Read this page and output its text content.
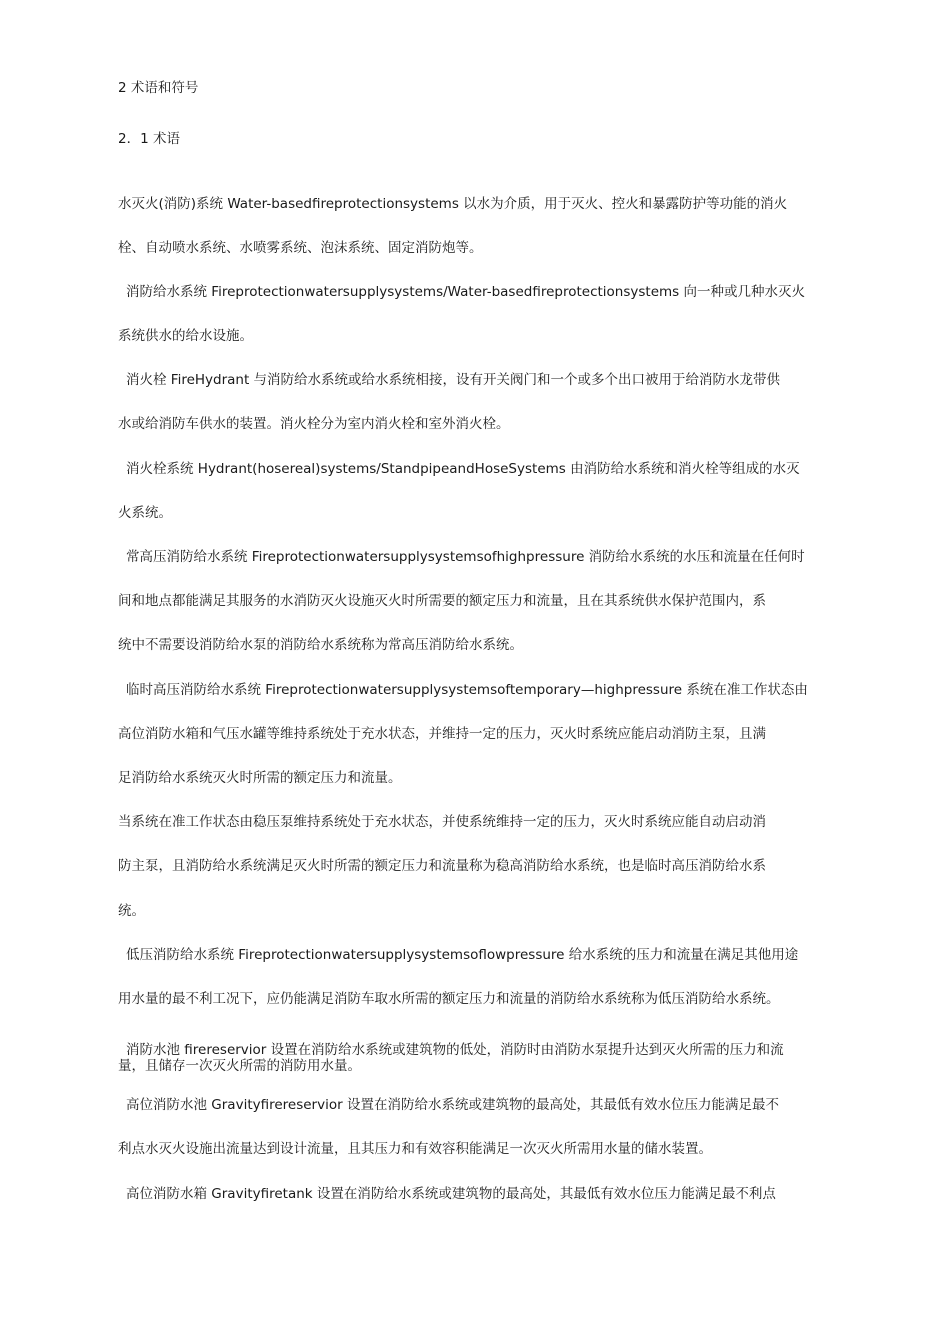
2 术语和符号
2．1 术语
水灭火(消防)系统 Water-basedfireprotectionsystems 以水为介质，用于灭火、控火和暴露防护等功能的消火
栓、自动喷水系统、水喷雾系统、泡沫系统、固定消防炮等。
消防给水系统 Fireprotectionwatersupplysystems/Water-basedfireprotectionsystems 向一种或几种水灭火
系统供水的给水设施。
消火栓 FireHydrant 与消防给水系统或给水系统相接，设有开关阀门和一个或多个出口被用于给消防水龙带供
水或给消防车供水的装置。消火栓分为室内消火栓和室外消火栓。
消火栓系统 Hydrant(hosereal)systems/StandpipeandHoseSystems 由消防给水系统和消火栓等组成的水灭
火系统。
常高压消防给水系统 Fireprotectionwatersupplysystemsofhighpressure 消防给水系统的水压和流量在任何时
间和地点都能满足其服务的水消防灭火设施灭火时所需要的额定压力和流量，且在其系统供水保护范围内，系
统中不需要设消防给水泵的消防给水系统称为常高压消防给水系统。
临时高压消防给水系统 Fireprotectionwatersupplysystemsoftemporary—highpressure 系统在准工作状态由
高位消防水箱和气压水罐等维持系统处于充水状态，并维持一定的压力，灭火时系统应能启动消防主泵，且满
足消防给水系统灭火时所需的额定压力和流量。
当系统在准工作状态由稳压泵维持系统处于充水状态，并使系统维持一定的压力，灭火时系统应能自动启动消
防主泵，且消防给水系统满足灭火时所需的额定压力和流量称为稳高消防给水系统，也是临时高压消防给水系
统。
低压消防给水系统 Fireprotectionwatersupplysystemsoflowpressure 给水系统的压力和流量在满足其他用途
用水量的最不利工况下，应仍能满足消防车取水所需的额定压力和流量的消防给水系统称为低压消防给水系统。
消防水池 firereservior 设置在消防给水系统或建筑物的低处，消防时由消防水泵提升达到灭火所需的压力和流
量，且储存一次灭火所需的消防用水量。
高位消防水池 Gravityfirereservior 设置在消防给水系统或建筑物的最高处，其最低有效水位压力能满足最不
利点水灭火设施出流量达到设计流量，且其压力和有效容积能满足一次灭火所需用水量的储水装置。
高位消防水箱 Gravityfiretank 设置在消防给水系统或建筑物的最高处，其最低有效水位压力能满足最不利点
